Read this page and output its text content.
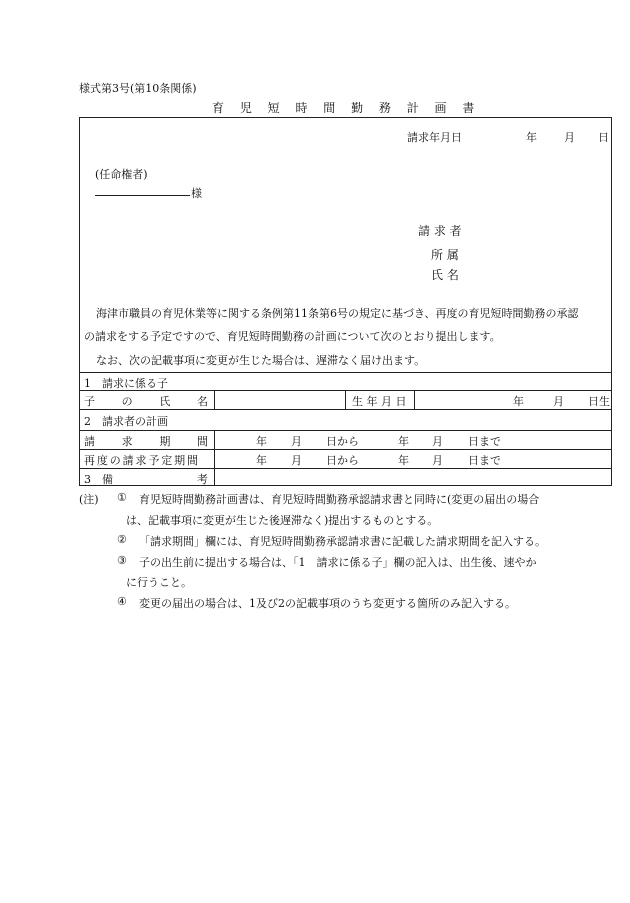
様式第3号(第10条関係)
育 児 短 時 間 勤 務 計 画 書
請求年月日	年 月 日
(任命権者)
様
請 求 者
所 属
氏 名
海津市職員の育児休業等に関する条例第11条第6号の規定に基づき、再度の育児短時間勤務の承認
の請求をする予定ですので、育児短時間勤務の計画について次のとおり提出します。
なお、次の記載事項に変更が生じた場合は、遅滞なく届け出ます。
1　請求に係る子
子 の 氏 名	生 年 月 日	年	月 日生
2　請求者の計画
請 求 期 間	年 月 日から	年 月 日まで
再度の請求予定期間	年 月 日から	年 月 日まで
3　備	考
(注) ① 育児短時間勤務計画書は、育児短時間勤務承認請求書と同時に(変更の届出の場合
は、記載事項に変更が生じた後遅滞なく)提出するものとする。
② 「請求期間」欄には、育児短時間勤務承認請求書に記載した請求期間を記入する。
③ 子の出生前に提出する場合は、「1　請求に係る子」欄の記入は、出生後、速やか
に行うこと。
④ 変更の届出の場合は、1及び2の記載事項のうち変更する箇所のみ記入する。
